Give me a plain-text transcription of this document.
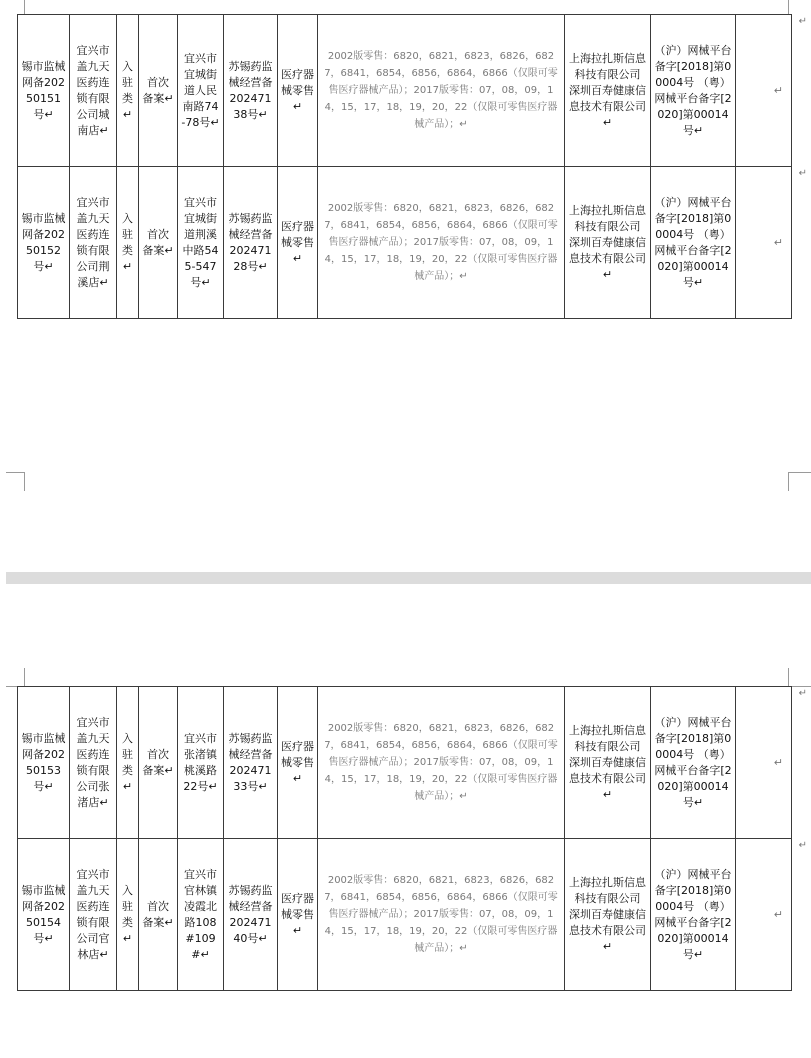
锡市监械网备20250151号↵	宜兴市盖九天医药连锁有限公司城南店↵	入驻类↵	首次备案↵	宜兴市宜城街道人民南路74-78号↵	苏锡药监械经营备20247138号↵	医疗器械零售↵	2002版零售：6820，6821，6823，6826，6827，6841，6854，6856，6864，6866（仅限可零售医疗器械产品）；2017版零售：07，08，09，14，15，17，18，19，20，22（仅限可零售医疗器械产品）；↵	上海拉扎斯信息科技有限公司 深圳百寿健康信息技术有限公司↵	（沪）网械平台备字[2018]第00004号 （粤）网械平台备字[2020]第00014号↵	↵
锡市监械网备20250152号↵	宜兴市盖九天医药连锁有限公司荆溪店↵	入驻类↵	首次备案↵	宜兴市宜城街道荆溪中路545-547号↵	苏锡药监械经营备20247128号↵	医疗器械零售↵	2002版零售：6820，6821，6823，6826，6827，6841，6854，6856，6864，6866（仅限可零售医疗器械产品）；2017版零售：07，08，09，14，15，17，18，19，20，22（仅限可零售医疗器械产品）；↵	上海拉扎斯信息科技有限公司 深圳百寿健康信息技术有限公司↵	（沪）网械平台备字[2018]第00004号 （粤）网械平台备字[2020]第00014号↵	↵
↵
↵
锡市监械网备20250153号↵	宜兴市盖九天医药连锁有限公司张渚店↵	入驻类↵	首次备案↵	宜兴市张渚镇桃溪路22号↵	苏锡药监械经营备20247133号↵	医疗器械零售↵	2002版零售：6820，6821，6823，6826，6827，6841，6854，6856，6864，6866（仅限可零售医疗器械产品）；2017版零售：07，08，09，14，15，17，18，19，20，22（仅限可零售医疗器械产品）；↵	上海拉扎斯信息科技有限公司 深圳百寿健康信息技术有限公司↵	（沪）网械平台备字[2018]第00004号 （粤）网械平台备字[2020]第00014号↵	↵
锡市监械网备20250154号↵	宜兴市盖九天医药连锁有限公司官林店↵	入驻类↵	首次备案↵	宜兴市官林镇凌霞北路108#109#↵	苏锡药监械经营备20247140号↵	医疗器械零售↵	2002版零售：6820，6821，6823，6826，6827，6841，6854，6856，6864，6866（仅限可零售医疗器械产品）；2017版零售：07，08，09，14，15，17，18，19，20，22（仅限可零售医疗器械产品）；↵	上海拉扎斯信息科技有限公司 深圳百寿健康信息技术有限公司↵	（沪）网械平台备字[2018]第00004号 （粤）网械平台备字[2020]第00014号↵	↵
↵
↵
